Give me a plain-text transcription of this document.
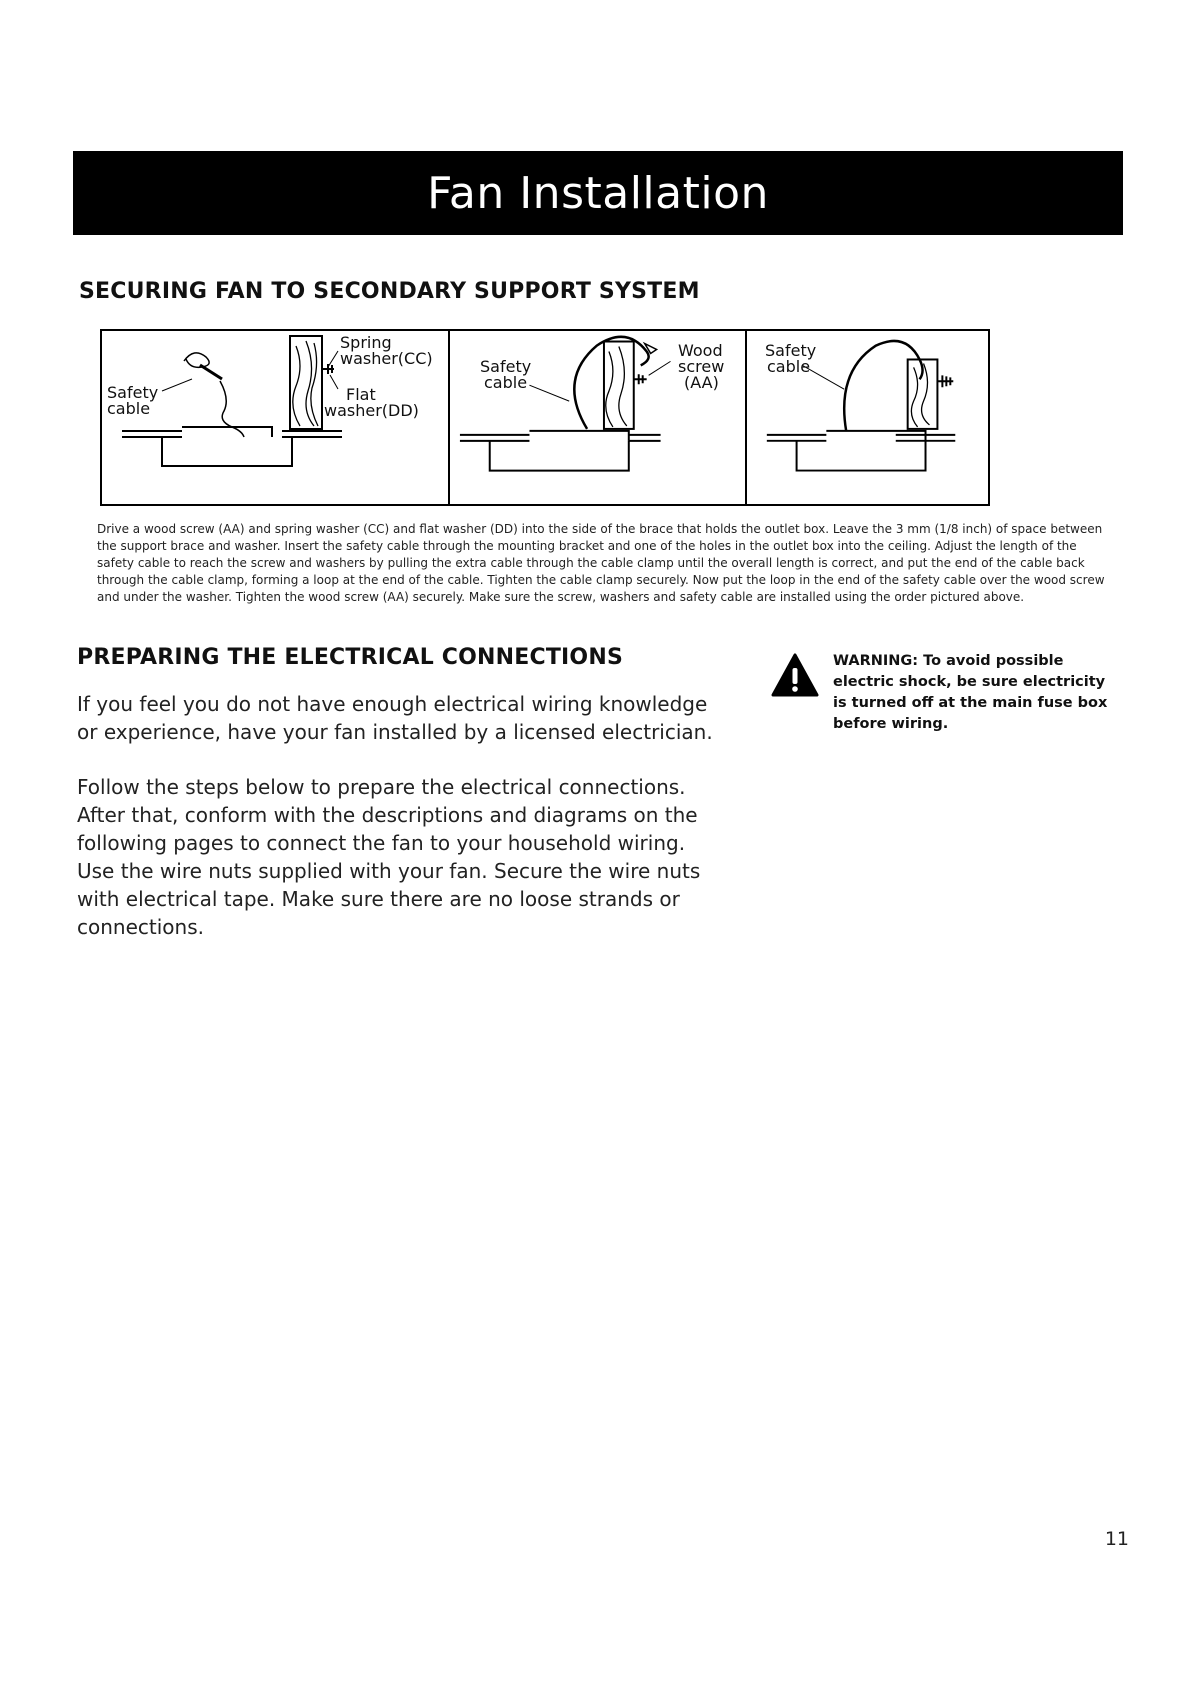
Fan Installation
SECURING FAN TO SECONDARY SUPPORT SYSTEM
Spring
washer(CC)
Flat
washer(DD)
Safety
cable
Safety
cable
Wood
screw
(AA)
Safety
cable

Drive a wood screw (AA) and spring washer (CC) and flat washer (DD) into the side of the brace that holds the outlet box. Leave the 3 mm (1/8 inch) of space between the support brace and washer. Insert the safety cable through the mounting bracket and one of the holes in the outlet box into the ceiling. Adjust the length of the safety cable to reach the screw and washers by pulling the extra cable through the cable clamp until the overall length is correct, and put the end of the cable back through the cable clamp, forming a loop at the end of the cable. Tighten the cable clamp securely. Now put the loop in the end of the safety cable over the wood screw and under the washer. Tighten the wood screw (AA) securely. Make sure the screw, washers and safety cable are installed using the order pictured above.

PREPARING THE ELECTRICAL CONNECTIONS

If you feel you do not have enough electrical wiring knowledge or experience, have your fan installed by a licensed electrician.

Follow the steps below to prepare the electrical connections. After that, conform with the descriptions and diagrams on the following pages to connect the fan to your household wiring. Use the wire nuts supplied with your fan. Secure the wire nuts with electrical tape. Make sure there are no loose strands or connections.

WARNING: To avoid possible electric shock, be sure electricity is turned off at the main fuse box before wiring.

11
